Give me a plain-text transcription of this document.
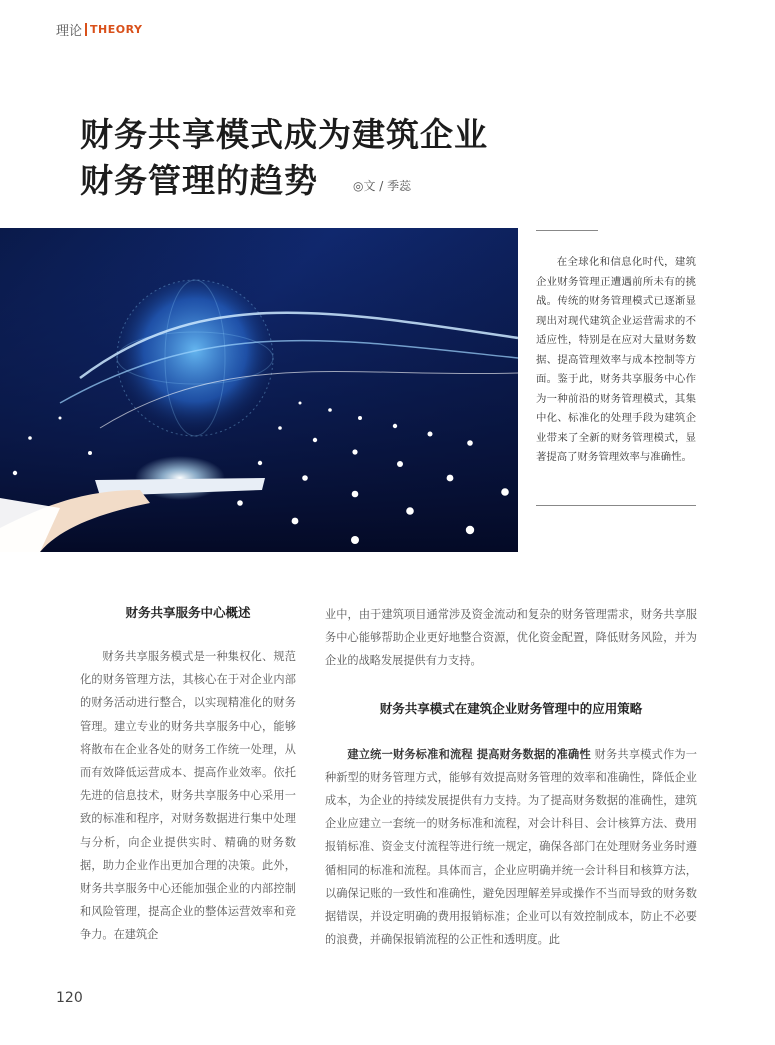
理论 THEORY
财务共享模式成为建筑企业
财务管理的趋势	◎文 / 季蕊

在全球化和信息化时代，建筑企业财务管理正遭遇前所未有的挑战。传统的财务管理模式已逐渐显现出对现代建筑企业运营需求的不适应性，特别是在应对大量财务数据、提高管理效率与成本控制等方面。鉴于此，财务共享服务中心作为一种前沿的财务管理模式，其集中化、标准化的处理手段为建筑企业带来了全新的财务管理模式，显著提高了财务管理效率与准确性。

财务共享服务中心概述

财务共享服务模式是一种集权化、规范化的财务管理方法，其核心在于对企业内部的财务活动进行整合，以实现精准化的财务管理。建立专业的财务共享服务中心，能够将散布在企业各处的财务工作统一处理，从而有效降低运营成本、提高作业效率。依托先进的信息技术，财务共享服务中心采用一致的标准和程序，对财务数据进行集中处理与分析，向企业提供实时、精确的财务数据，助力企业作出更加合理的决策。此外，财务共享服务中心还能加强企业的内部控制和风险管理，提高企业的整体运营效率和竞争力。在建筑企

业中，由于建筑项目通常涉及资金流动和复杂的财务管理需求，财务共享服务中心能够帮助企业更好地整合资源，优化资金配置，降低财务风险，并为企业的战略发展提供有力支持。

财务共享模式在建筑企业财务管理中的应用策略

建立统一财务标准和流程 提高财务数据的准确性 财务共享模式作为一种新型的财务管理方式，能够有效提高财务管理的效率和准确性，降低企业成本，为企业的持续发展提供有力支持。为了提高财务数据的准确性，建筑企业应建立一套统一的财务标准和流程，对会计科目、会计核算方法、费用报销标准、资金支付流程等进行统一规定，确保各部门在处理财务业务时遵循相同的标准和流程。具体而言，企业应明确并统一会计科目和核算方法，以确保记账的一致性和准确性，避免因理解差异或操作不当而导致的财务数据错误，并设定明确的费用报销标准；企业可以有效控制成本，防止不必要的浪费，并确保报销流程的公正性和透明度。此

120
